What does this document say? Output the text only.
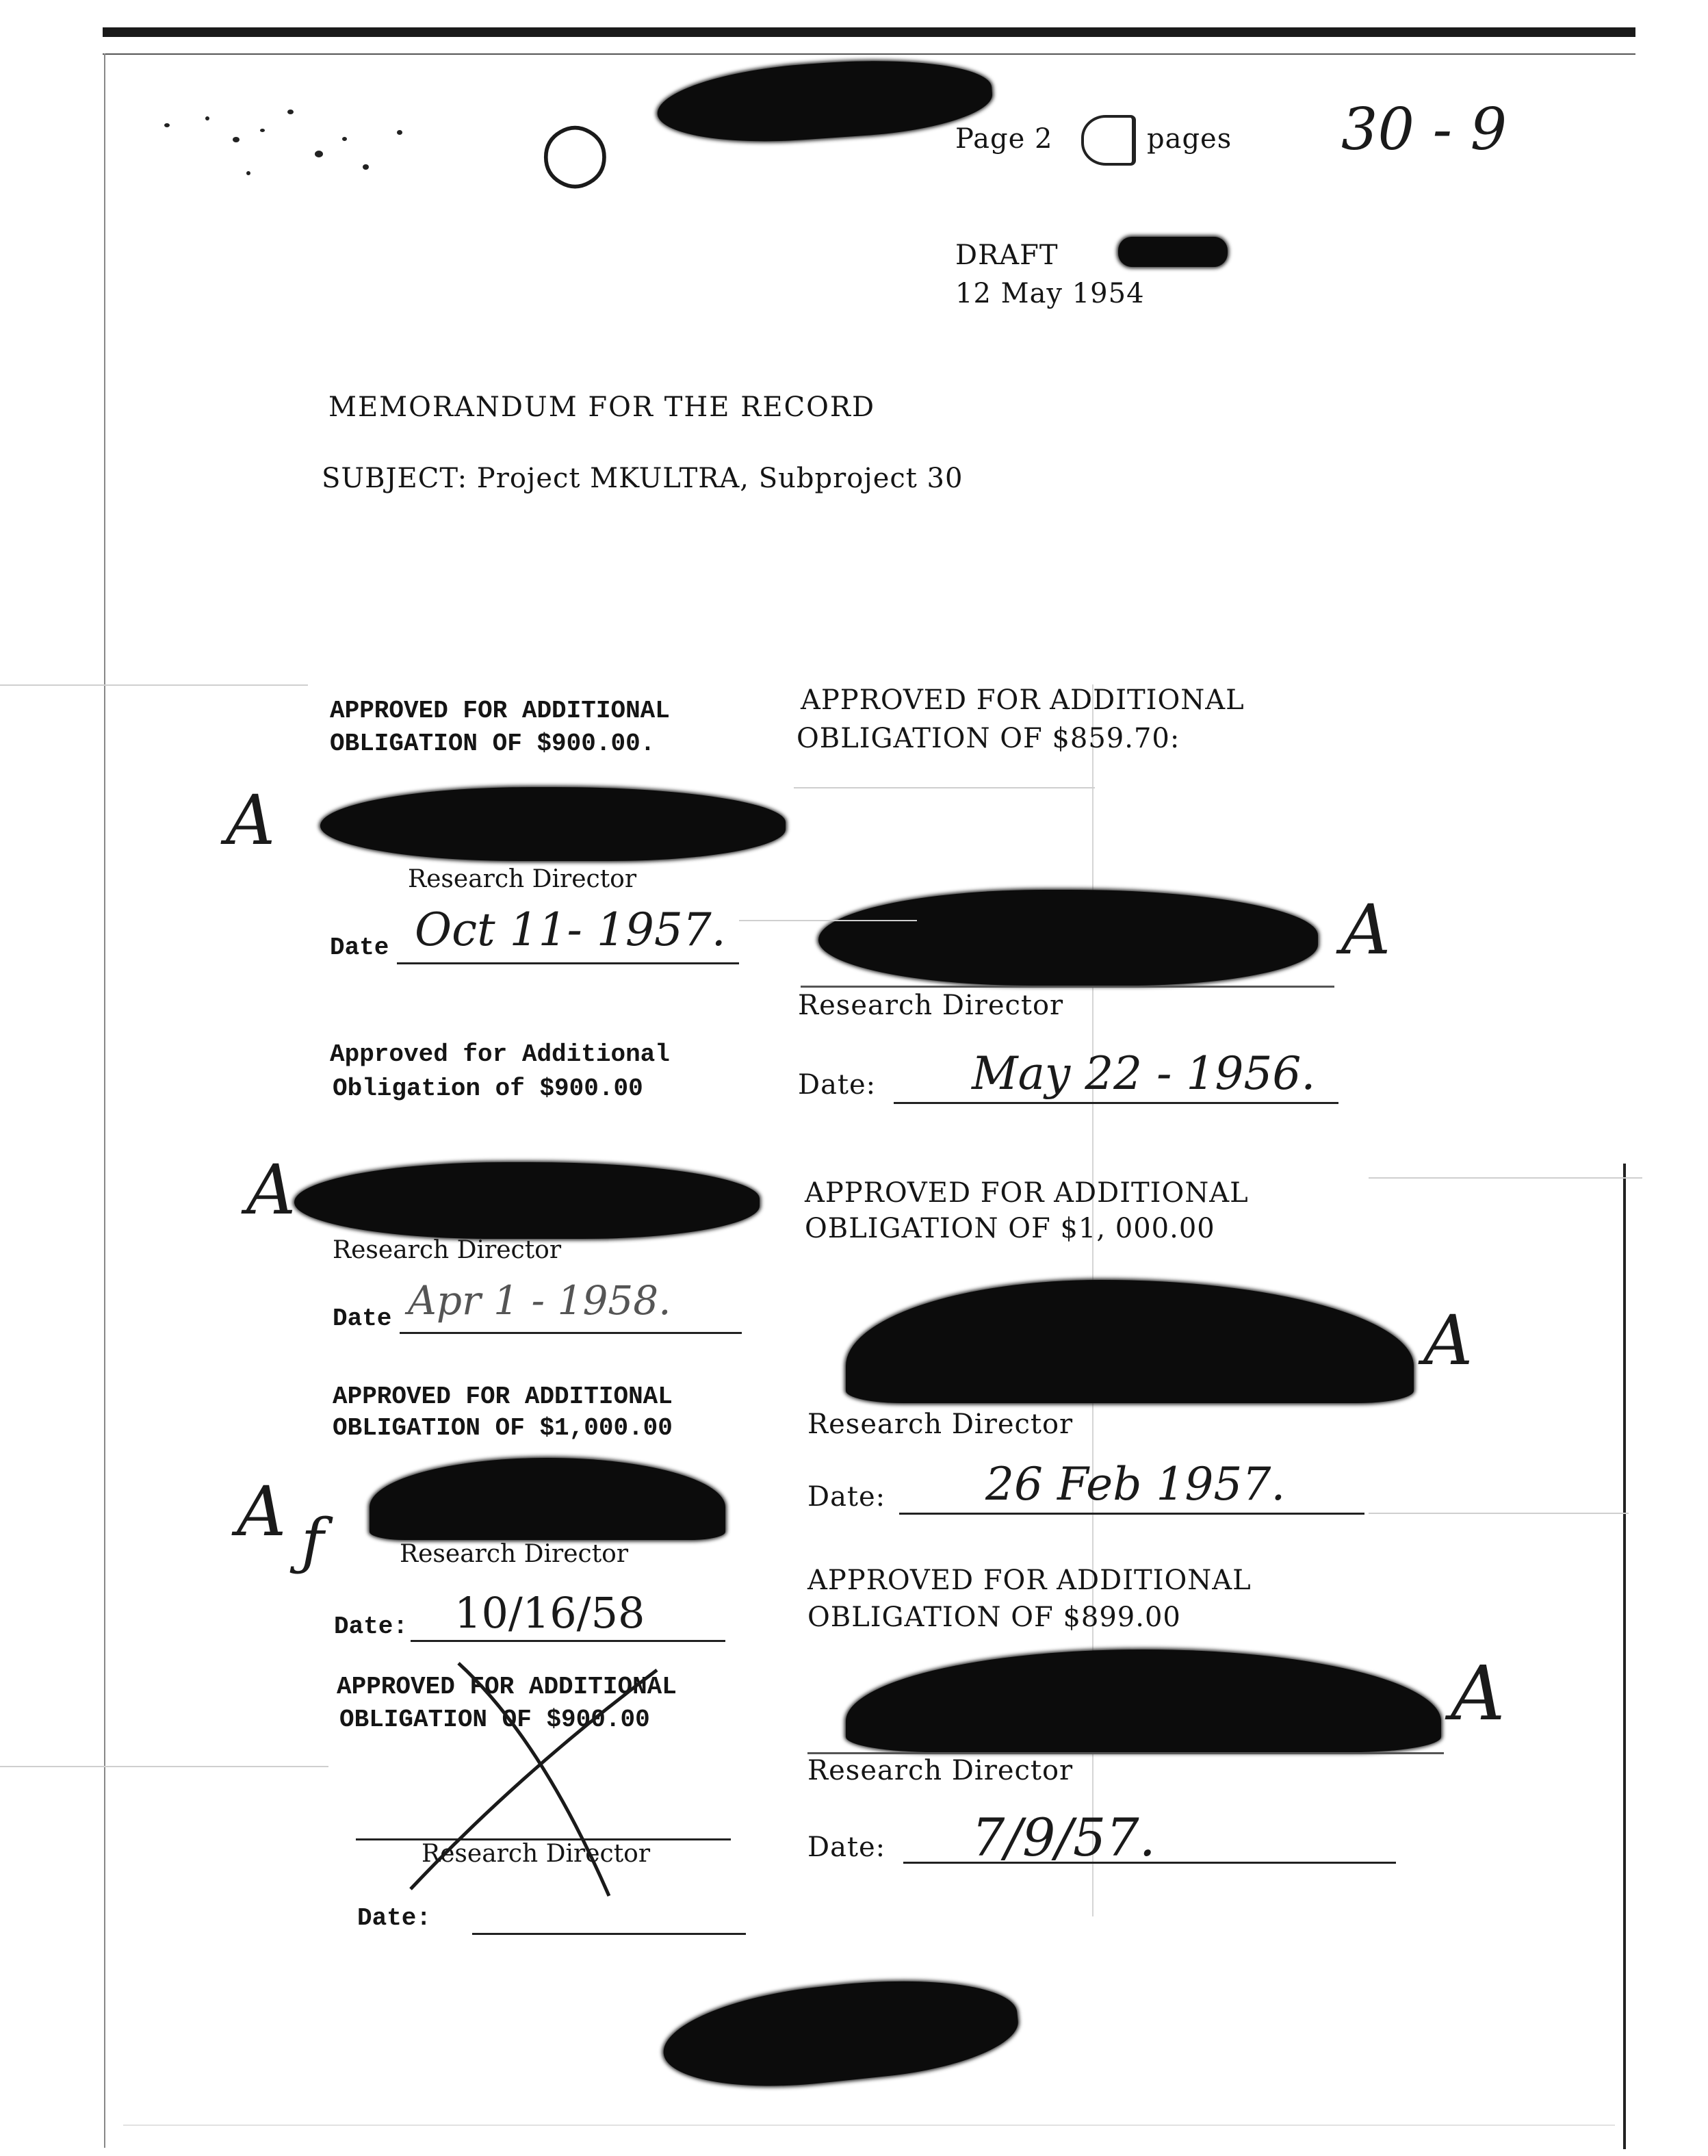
◯	Page 2	pages 30 - 9
DRAFT
12 May 1954
MEMORANDUM FOR THE RECORD
SUBJECT: Project MKULTRA, Subproject 30
APPROVED FOR ADDITIONAL
OBLIGATION OF $900.00.
A
Research Director
Date Oct 11- 1957.
Approved for Additional
Obligation of $900.00
A
Research Director
Date Apr 1 - 1958.
APPROVED FOR ADDITIONAL
OBLIGATION OF $1,000.00
A ƒ	Research Director
Date: 10/16/58
APPROVED FOR ADDITIONAL
OBLIGATION OF $900.00
Research Director
Date:
APPROVED FOR ADDITIONAL
OBLIGATION OF $859.70:
A
Research Director
Date: May 22 - 1956.
APPROVED FOR ADDITIONAL
OBLIGATION OF $1, 000.00
A
Research Director
Date: 26 Feb 1957.
APPROVED FOR ADDITIONAL
OBLIGATION OF $899.00
A
Research Director
Date: 7/9/57.
